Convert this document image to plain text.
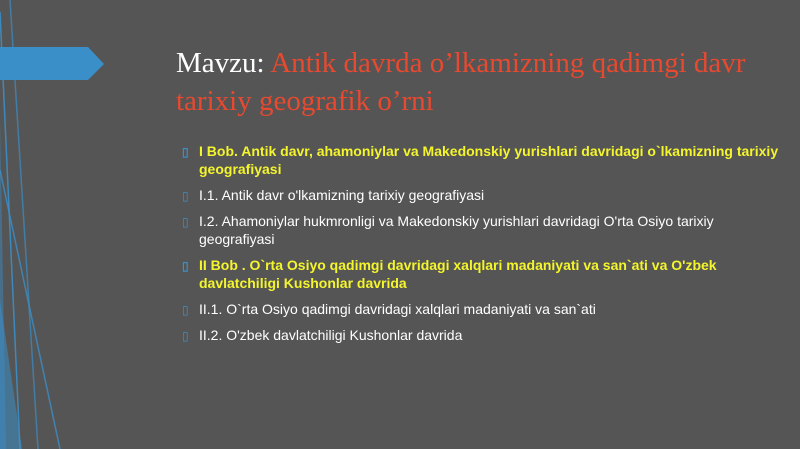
Mavzu: Antik davrda o’lkamizning qadimgi davr tarixiy geografik o’rni
▯ I Bob. Antik davr, ahamoniylar va Makedonskiy yurishlari davridagi o`lkamizning tarixiy geografiyasi
▯ I.1. Antik davr o'lkamizning tarixiy geografiyasi
▯ I.2. Ahamoniylar hukmronligi va Makedonskiy yurishlari davridagi O'rta Osiyo tarixiy geografiyasi
▯ II Bob . O`rta Osiyo qadimgi davridagi xalqlari madaniyati va san`ati va O'zbek davlatchiligi Kushonlar davrida
▯ II.1. O`rta Osiyo qadimgi davridagi xalqlari madaniyati va san`ati
▯ II.2. O'zbek davlatchiligi Kushonlar davrida
